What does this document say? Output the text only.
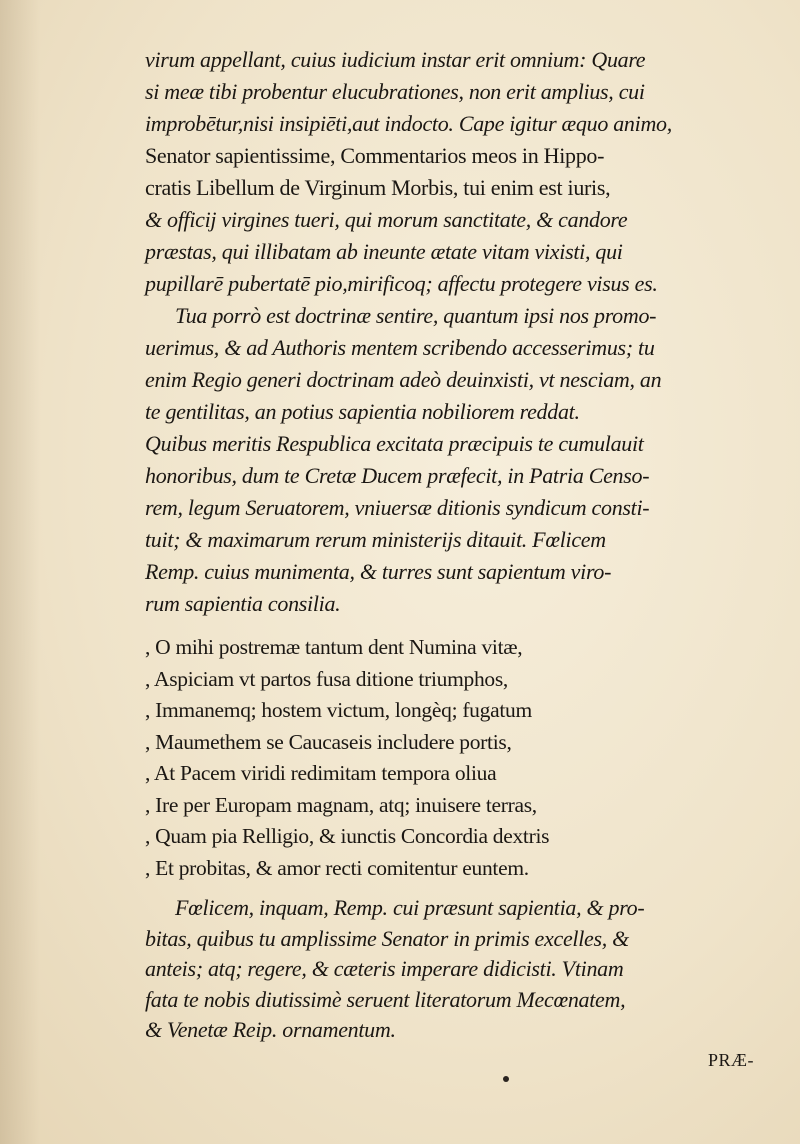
virum appellant, cuius iudicium instar erit omnium: Quare
si meæ tibi probentur elucubrationes, non erit amplius, cui
improbētur,nisi insipiēti,aut indocto. Cape igitur æquo animo,
Senator sapientissime, Commentarios meos in Hippo-
cratis Libellum de Virginum Morbis, tui enim est iuris,
& officij virgines tueri, qui morum sanctitate, & candore
præstas, qui illibatam ab ineunte ætate vitam vixisti, qui
pupillarē pubertatē pio,mirificoq; affectu protegere visus es.
Tua porrò est doctrinæ sentire, quantum ipsi nos promo-
uerimus, & ad Authoris mentem scribendo accesserimus; tu
enim Regio generi doctrinam adeò deuinxisti, vt nesciam, an
te gentilitas, an potius sapientia nobiliorem reddat.
Quibus meritis Respublica excitata præcipuis te cumulauit
honoribus, dum te Cretæ Ducem præfecit, in Patria Censo-
rem, legum Seruatorem, vniuersæ ditionis syndicum consti-
tuit; & maximarum rerum ministerijs ditauit. Fœlicem
Remp. cuius munimenta, & turres sunt sapientum viro-
rum sapientia consilia.
, O mihi postremæ tantum dent Numina vitæ,
, Aspiciam vt partos fusa ditione triumphos,
, Immanemq; hostem victum, longèq; fugatum
, Maumethem se Caucaseis includere portis,
, At Pacem viridi redimitam tempora oliua
, Ire per Europam magnam, atq; inuisere terras,
, Quam pia Relligio, & iunctis Concordia dextris
, Et probitas, & amor recti comitentur euntem.
Fœlicem, inquam, Remp. cui præsunt sapientia, & pro-
bitas, quibus tu amplissime Senator in primis excelles, &
anteis; atq; regere, & cæteris imperare didicisti. Vtinam
fata te nobis diutissimè seruent literatorum Mecœnatem,
& Venetæ Reip. ornamentum.
PRÆ-
